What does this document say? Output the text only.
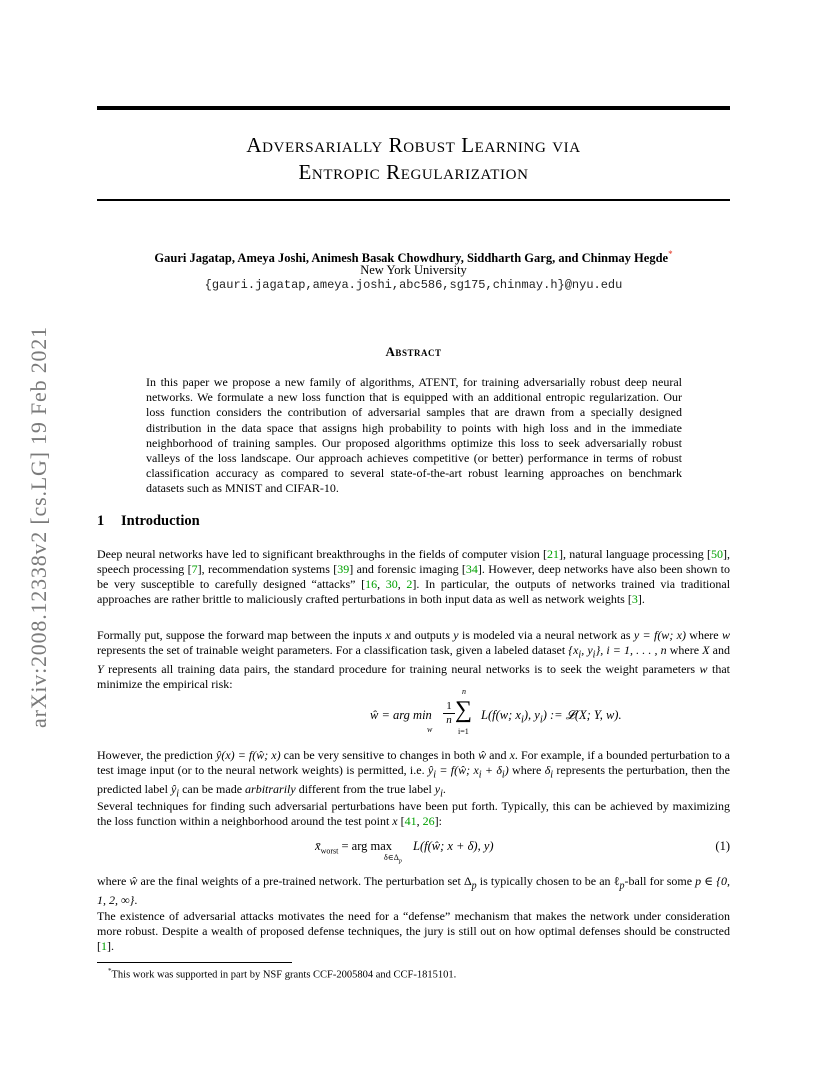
arXiv:2008.12338v2 [cs.LG] 19 Feb 2021
Adversarially Robust Learning via
Entropic Regularization
Gauri Jagatap, Ameya Joshi, Animesh Basak Chowdhury, Siddharth Garg, and Chinmay Hegde*
New York University
{gauri.jagatap,ameya.joshi,abc586,sg175,chinmay.h}@nyu.edu
Abstract
In this paper we propose a new family of algorithms, ATENT, for training adversarially robust deep neural networks. We formulate a new loss function that is equipped with an additional entropic regularization. Our loss function considers the contribution of adversarial samples that are drawn from a specially designed distribution in the data space that assigns high probability to points with high loss and in the immediate neighborhood of training samples. Our proposed algorithms optimize this loss to seek adversarially robust valleys of the loss landscape. Our approach achieves competitive (or better) performance in terms of robust classification accuracy as compared to several state-of-the-art robust learning approaches on benchmark datasets such as MNIST and CIFAR-10.
1 Introduction
Deep neural networks have led to significant breakthroughs in the fields of computer vision [21], natural language processing [50], speech processing [7], recommendation systems [39] and forensic imaging [34]. However, deep networks have also been shown to be very susceptible to carefully designed “attacks” [16, 30, 2]. In particular, the outputs of networks trained via traditional approaches are rather brittle to maliciously crafted perturbations in both input data as well as network weights [3].
Formally put, suppose the forward map between the inputs x and outputs y is modeled via a neural network as y = f(w; x) where w represents the set of trainable weight parameters. For a classification task, given a labeled dataset {$x_i$, $y_i$}, i = 1, . . . , n where X and Y represents all training data pairs, the standard procedure for training neural networks is to seek the weight parameters w that minimize the empirical risk:
ŵ = arg min
w
$\frac{1}{n}$
n
∑
i=1
L(f(w; $x_i$), $y_i$) := 𝓛(X; Y, w).
However, the prediction ŷ(x) = f(ŵ; x) can be very sensitive to changes in both ŵ and x. For example, if a bounded perturbation to a test image input (or to the neural network weights) is permitted, i.e. $ŷ_i$ = f(ŵ; $x_i + \delta_i$) where $\delta_i$ represents the perturbation, then the predicted label $ŷ_i$ can be made arbitrarily different from the true label $y_i$.
Several techniques for finding such adversarial perturbations have been put forth. Typically, this can be achieved by maximizing the loss function within a neighborhood around the test point x [41, 26]:
$x̄_{worst}$ = arg max
$\delta\in\Delta_p$
L(f(ŵ; x + δ), y)	(1)
where ŵ are the final weights of a pre-trained network. The perturbation set $\Delta_p$ is typically chosen to be an ℓ$_p$-ball for some p ∈ {0, 1, 2, ∞}.
The existence of adversarial attacks motivates the need for a “defense” mechanism that makes the network under consideration more robust. Despite a wealth of proposed defense techniques, the jury is still out on how optimal defenses should be constructed [1].
*This work was supported in part by NSF grants CCF-2005804 and CCF-1815101.
